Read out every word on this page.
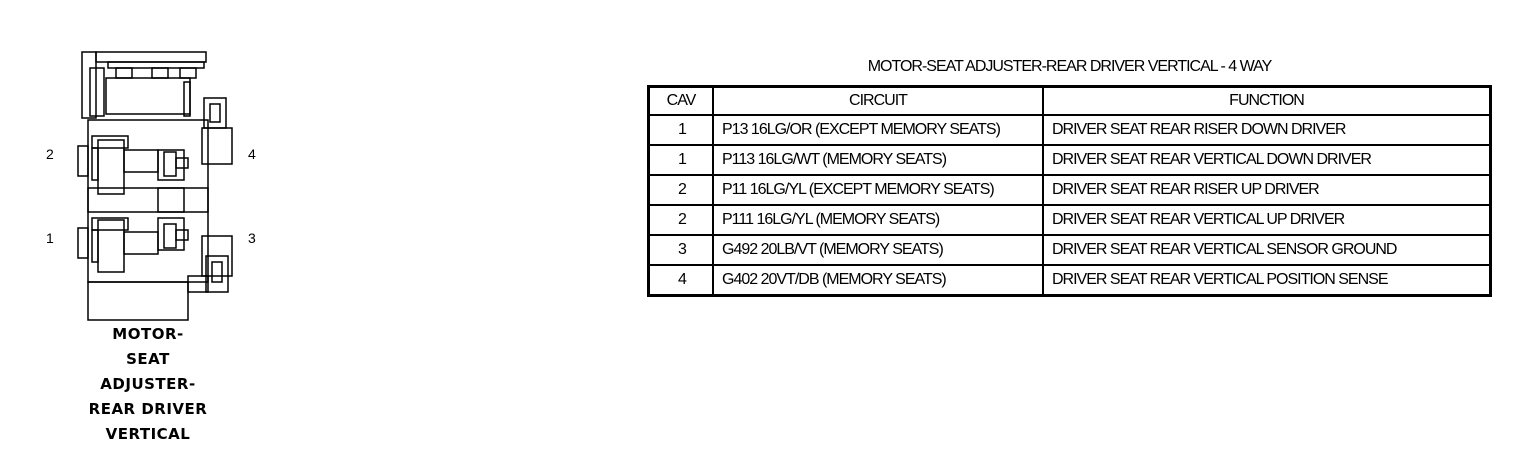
2	4
1	3
MOTOR-
SEAT
ADJUSTER-
REAR DRIVER
VERTICAL
MOTOR-SEAT ADJUSTER-REAR DRIVER VERTICAL - 4 WAY
CAV	CIRCUIT	FUNCTION
1	P13 16LG/OR (EXCEPT MEMORY SEATS)	DRIVER SEAT REAR RISER DOWN DRIVER
1	P113 16LG/WT (MEMORY SEATS)	DRIVER SEAT REAR VERTICAL DOWN DRIVER
2	P11 16LG/YL (EXCEPT MEMORY SEATS)	DRIVER SEAT REAR RISER UP DRIVER
2	P111 16LG/YL (MEMORY SEATS)	DRIVER SEAT REAR VERTICAL UP DRIVER
3	G492 20LB/VT (MEMORY SEATS)	DRIVER SEAT REAR VERTICAL SENSOR GROUND
4	G402 20VT/DB (MEMORY SEATS)	DRIVER SEAT REAR VERTICAL POSITION SENSE
